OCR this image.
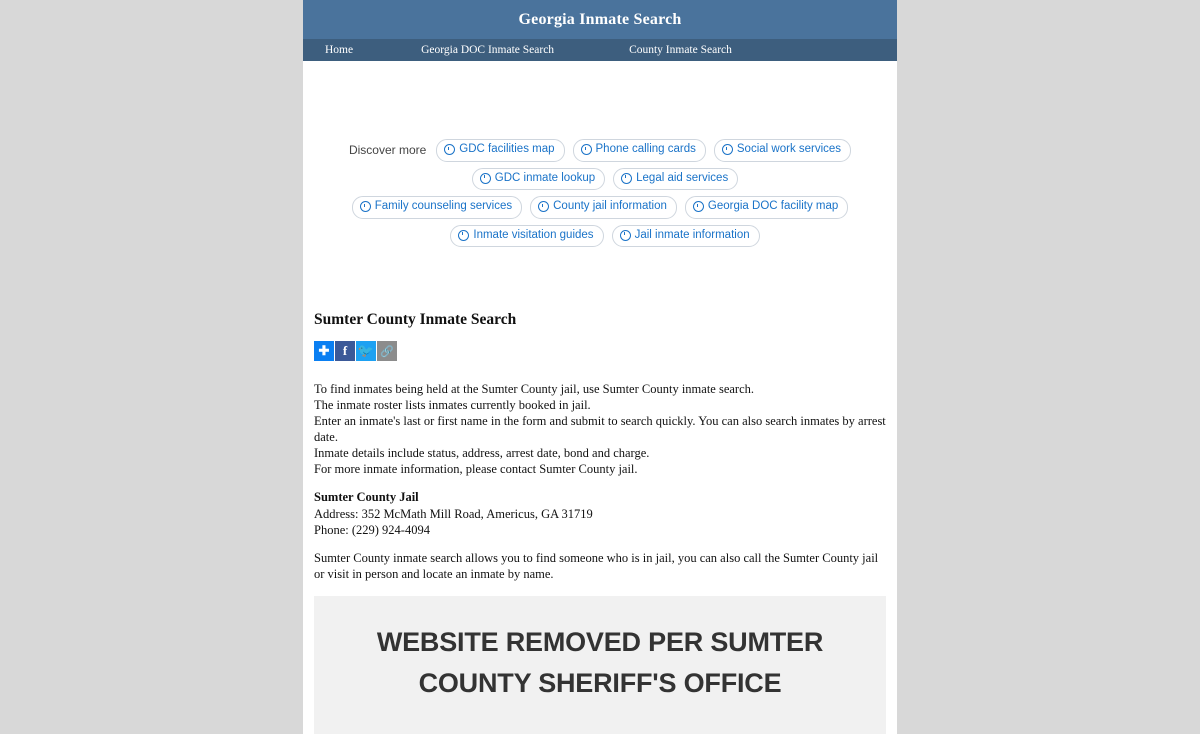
Georgia Inmate Search
Home	Georgia DOC Inmate Search	County Inmate Search
Discover more	GDC facilities map	Phone calling cards	Social work services
GDC inmate lookup	Legal aid services
Family counseling services	County jail information	Georgia DOC facility map
Inmate visitation guides	Jail inmate information
Sumter County Inmate Search
✚	f 🐦 🔗

To find inmates being held at the Sumter County jail, use Sumter County inmate search.

The inmate roster lists inmates currently booked in jail.

Enter an inmate's last or first name in the form and submit to search quickly. You can also search inmates by arrest date.

Inmate details include status, address, arrest date, bond and charge.

For more inmate information, please contact Sumter County jail.

Sumter County Jail
Address: 352 McMath Mill Road, Americus, GA 31719
Phone: (229) 924-4094

Sumter County inmate search allows you to find someone who is in jail, you can also call the Sumter County jail or visit in person and locate an inmate by name.

WEBSITE REMOVED PER SUMTER COUNTY SHERIFF'S OFFICE
